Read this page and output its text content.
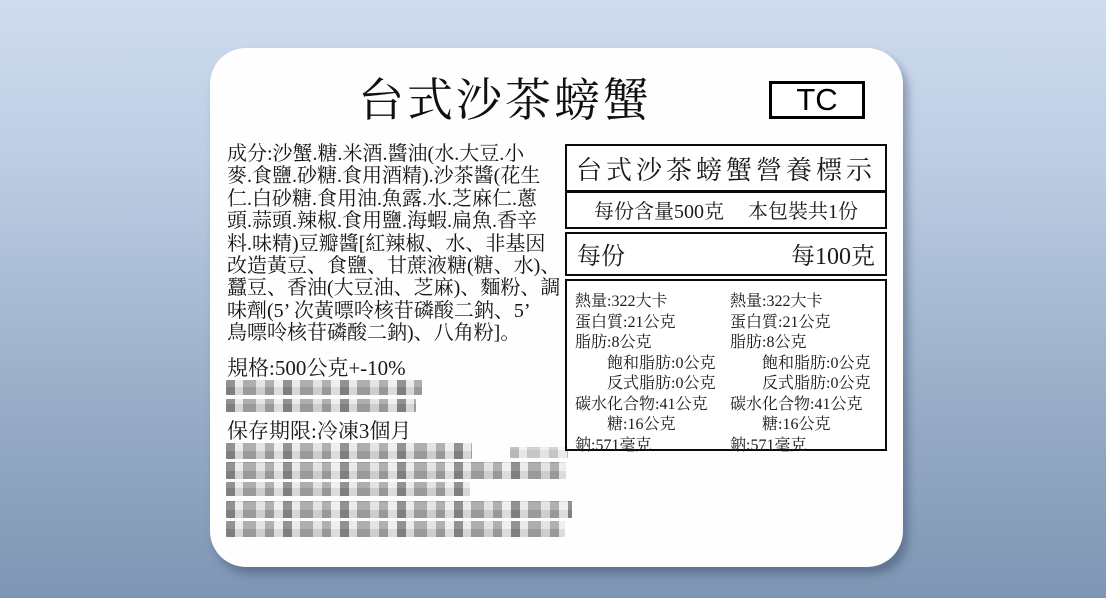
台式沙茶螃蟹	TC
成分:沙蟹.糖.米酒.醬油(水.大豆.小
麥.食鹽.砂糖.食用酒精).沙茶醬(花生
仁.白砂糖.食用油.魚露.水.芝麻仁.蔥
頭.蒜頭.辣椒.食用鹽.海蝦.扁魚.香辛
料.味精)豆瓣醬[紅辣椒、水、非基因
改造黃豆、食鹽、甘蔗液糖(糖、水)、
蠶豆、香油(大豆油、芝麻)、麵粉、調
味劑(5’ 次黃嘌呤核苷磷酸二鈉、5’
鳥嘌呤核苷磷酸二鈉)、八角粉]。
規格:500公克+-10%
保存期限:冷凍3個月
台式沙茶螃蟹營養標示
每份含量500克 本包裝共1份
每份	每100克
熱量:322大卡
蛋白質:21公克
脂肪:8公克
飽和脂肪:0公克
反式脂肪:0公克
碳水化合物:41公克
糖:16公克
鈉:571毫克
熱量:322大卡
蛋白質:21公克
脂肪:8公克
飽和脂肪:0公克
反式脂肪:0公克
碳水化合物:41公克
糖:16公克
鈉:571毫克
